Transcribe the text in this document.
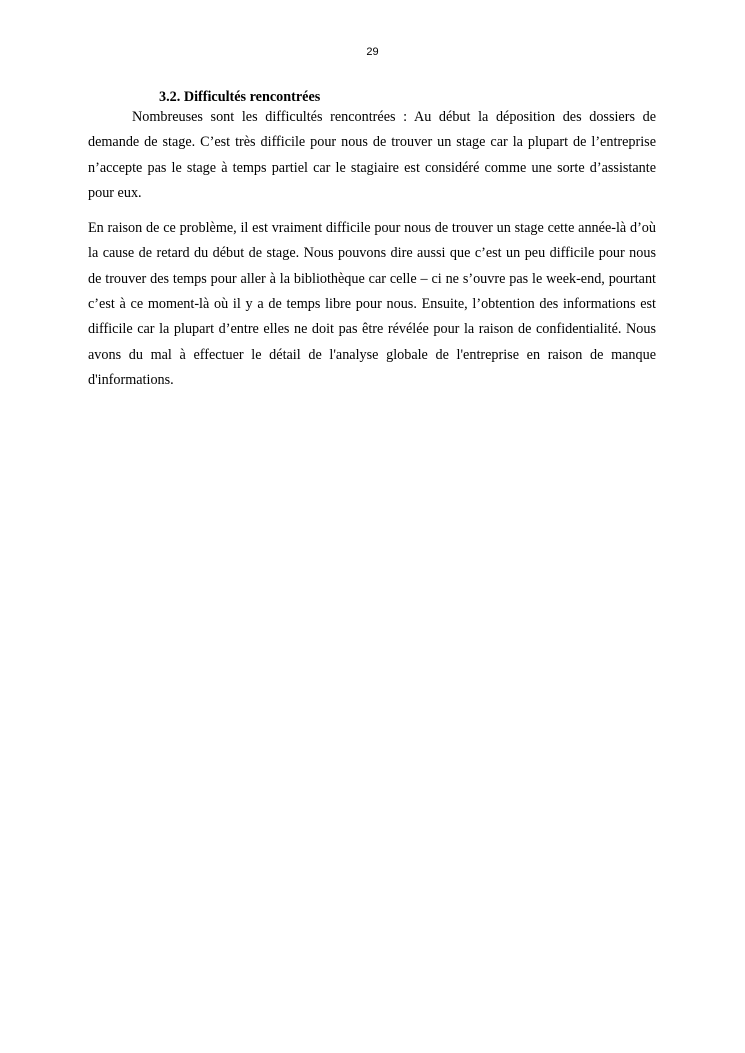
29
3.2. Difficultés rencontrées

Nombreuses sont les difficultés rencontrées : Au début la déposition des dossiers de demande de stage. C’est très difficile pour nous de trouver un stage car la plupart de l’entreprise n’accepte pas le stage à temps partiel car le stagiaire est considéré comme une sorte d’assistante pour eux.

En raison de ce problème, il est vraiment difficile pour nous de trouver un stage cette année-là d’où la cause de retard du début de stage. Nous pouvons dire aussi que c’est un peu difficile pour nous de trouver des temps pour aller à la bibliothèque car celle – ci ne s’ouvre pas le week-end, pourtant c’est à ce moment-là où il y a de temps libre pour nous. Ensuite, l’obtention des informations est difficile car la plupart d’entre elles ne doit pas être révélée pour la raison de confidentialité. Nous avons du mal à effectuer le détail de l'analyse globale de l'entreprise en raison de manque d'informations.
